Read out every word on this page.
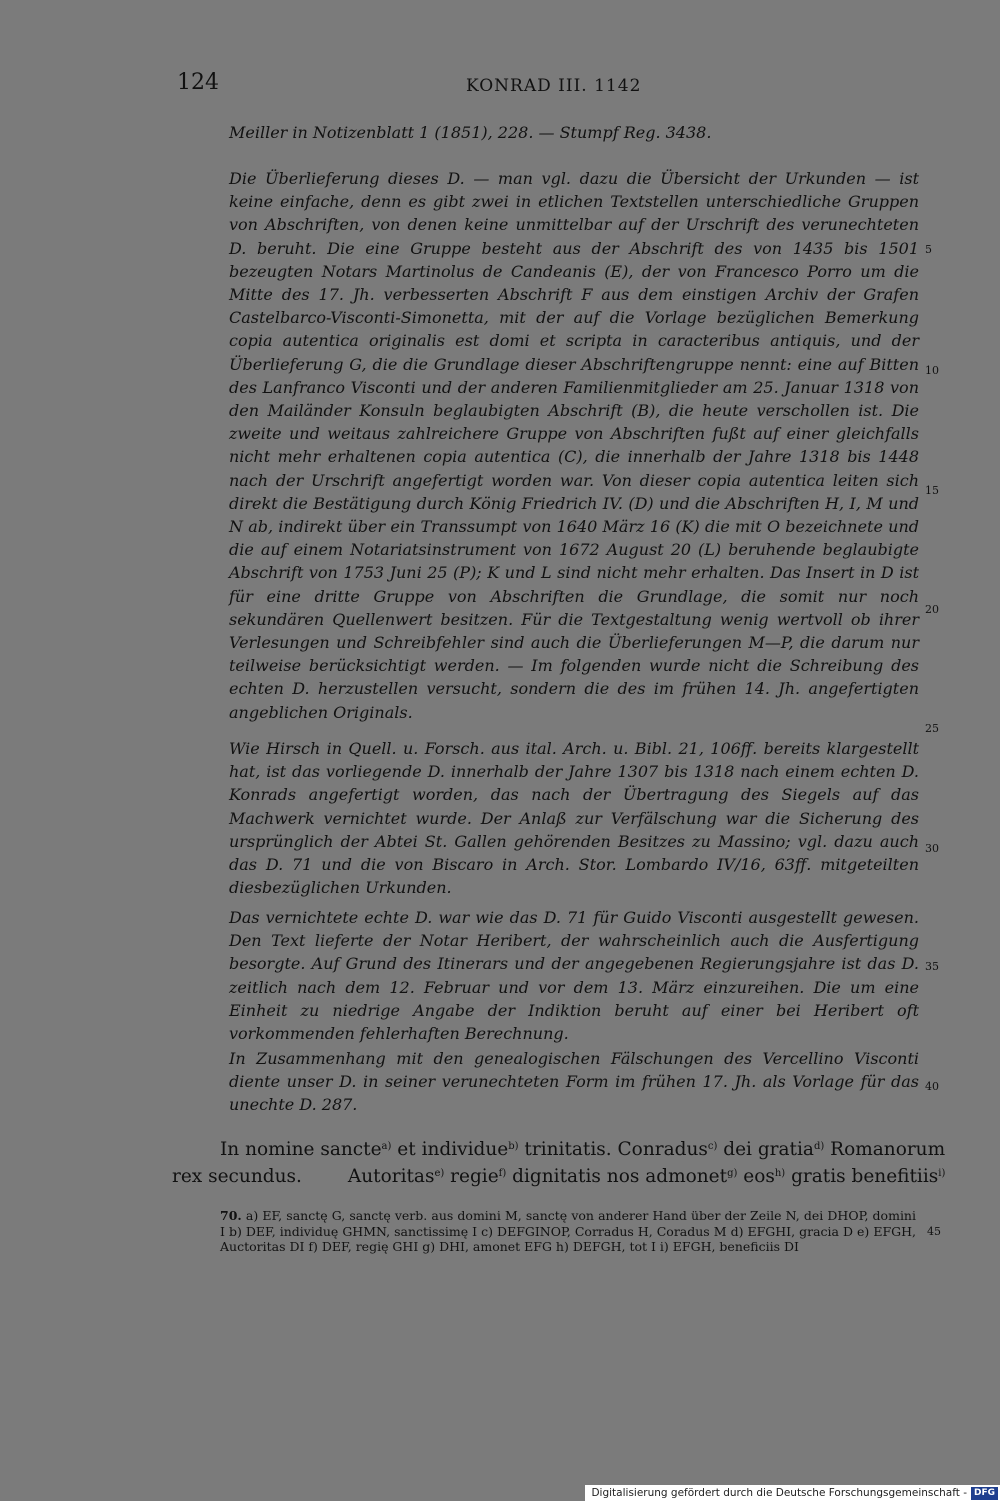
124	KONRAD III. 1142
Meiller in Notizenblatt 1 (1851), 228. — Stumpf Reg. 3438.

Die Überlieferung dieses D. — man vgl. dazu die Übersicht der Urkunden — ist keine einfache, denn es gibt zwei in etlichen Textstellen unterschiedliche Gruppen von Abschriften, von denen keine unmittelbar auf der Urschrift des verunechteten D. beruht. Die eine Gruppe besteht aus der Abschrift des von 1435 bis 1501 bezeugten Notars Martinolus de Candeanis (E), der von Francesco Porro um die Mitte des 17. Jh. verbesserten Abschrift F aus dem einstigen Archiv der Grafen Castelbarco-Visconti-Simonetta, mit der auf die Vorlage bezüglichen Bemerkung copia autentica originalis est domi et scripta in caracteribus antiquis, und der Überlieferung G, die die Grundlage dieser Abschriftengruppe nennt: eine auf Bitten des Lanfranco Visconti und der anderen Familienmitglieder am 25. Januar 1318 von den Mailänder Konsuln beglaubigten Abschrift (B), die heute verschollen ist. Die zweite und weitaus zahlreichere Gruppe von Abschriften fußt auf einer gleichfalls nicht mehr erhaltenen copia autentica (C), die innerhalb der Jahre 1318 bis 1448 nach der Urschrift angefertigt worden war. Von dieser copia autentica leiten sich direkt die Bestätigung durch König Friedrich IV. (D) und die Abschriften H, I, M und N ab, indirekt über ein Transsumpt von 1640 März 16 (K) die mit O bezeichnete und die auf einem Notariatsinstrument von 1672 August 20 (L) beruhende beglaubigte Abschrift von 1753 Juni 25 (P); K und L sind nicht mehr erhalten. Das Insert in D ist für eine dritte Gruppe von Abschriften die Grundlage, die somit nur noch sekundären Quellenwert besitzen. Für die Textgestaltung wenig wertvoll ob ihrer Verlesungen und Schreibfehler sind auch die Überlieferungen M—P, die darum nur teilweise berücksichtigt werden. — Im folgenden wurde nicht die Schreibung des echten D. herzustellen versucht, sondern die des im frühen 14. Jh. angefertigten angeblichen Originals.

Wie Hirsch in Quell. u. Forsch. aus ital. Arch. u. Bibl. 21, 106ff. bereits klargestellt hat, ist das vorliegende D. innerhalb der Jahre 1307 bis 1318 nach einem echten D. Konrads angefertigt worden, das nach der Übertragung des Siegels auf das Machwerk vernichtet wurde. Der Anlaß zur Verfälschung war die Sicherung des ursprünglich der Abtei St. Gallen gehörenden Besitzes zu Massino; vgl. dazu auch das D. 71 und die von Biscaro in Arch. Stor. Lombardo IV/16, 63ff. mitgeteilten diesbezüglichen Urkunden.

Das vernichtete echte D. war wie das D. 71 für Guido Visconti ausgestellt gewesen. Den Text lieferte der Notar Heribert, der wahrscheinlich auch die Ausfertigung besorgte. Auf Grund des Itinerars und der angegebenen Regierungsjahre ist das D. zeitlich nach dem 12. Februar und vor dem 13. März einzureihen. Die um eine Einheit zu niedrige Angabe der Indiktion beruht auf einer bei Heribert oft vorkommenden fehlerhaften Berechnung.

In Zusammenhang mit den genealogischen Fälschungen des Vercellino Visconti diente unser D. in seiner verunechteten Form im frühen 17. Jh. als Vorlage für das unechte D. 287.

5
10
15
20
25
30
35
40
In nomine sancte$^{a)}$ et individue$^{b)}$ trinitatis. Conradus$^{c)}$ dei gratia$^{d)}$ Romanorum
rex secundus. Autoritas$^{e)}$ regie$^{f)}$ dignitatis nos admonet$^{g)}$ eos$^{h)}$ gratis benefitiis$^{i)}$

70. a) EF, sanctę G, sanctę verb. aus domini M, sanctę von anderer Hand über der Zeile N, dei DHOP, domini I b) DEF, individuę GHMN, sanctissimę I c) DEFGINOP, Corradus H, Coradus M d) EFGHI, gracia D e) EFGH, Auctoritas DI f) DEF, regię GHI g) DHI, amonet EFG h) DEFGH, tot I i) EFGH, beneficiis DI

45
Digitalisierung gefördert durch die Deutsche Forschungsgemeinschaft - DFG
